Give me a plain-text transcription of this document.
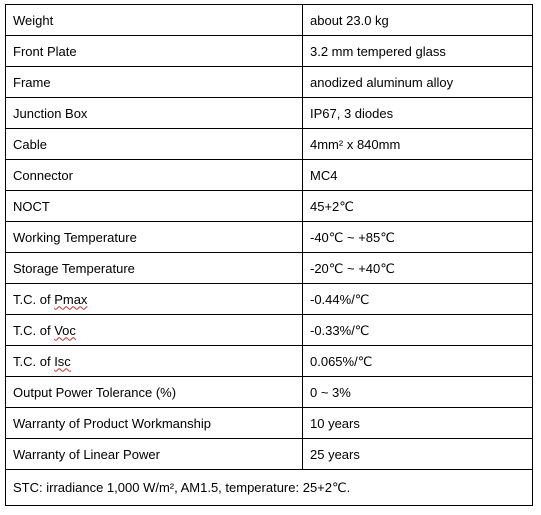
Weight	about 23.0 kg
Front Plate	3.2 mm tempered glass
Frame	anodized aluminum alloy
Junction Box	IP67, 3 diodes
Cable	4mm² x 840mm
Connector	MC4
NOCT	45+2℃
Working Temperature	-40℃ ~ +85℃
Storage Temperature	-20℃ ~ +40℃
T.C. of Pmax	-0.44%/℃
T.C. of Voc	-0.33%/℃
T.C. of Isc	0.065%/℃
Output Power Tolerance (%)	0 ~ 3%
Warranty of Product Workmanship	10 years
Warranty of Linear Power	25 years
STC: irradiance 1,000 W/m², AM1.5, temperature: 25+2℃.	
